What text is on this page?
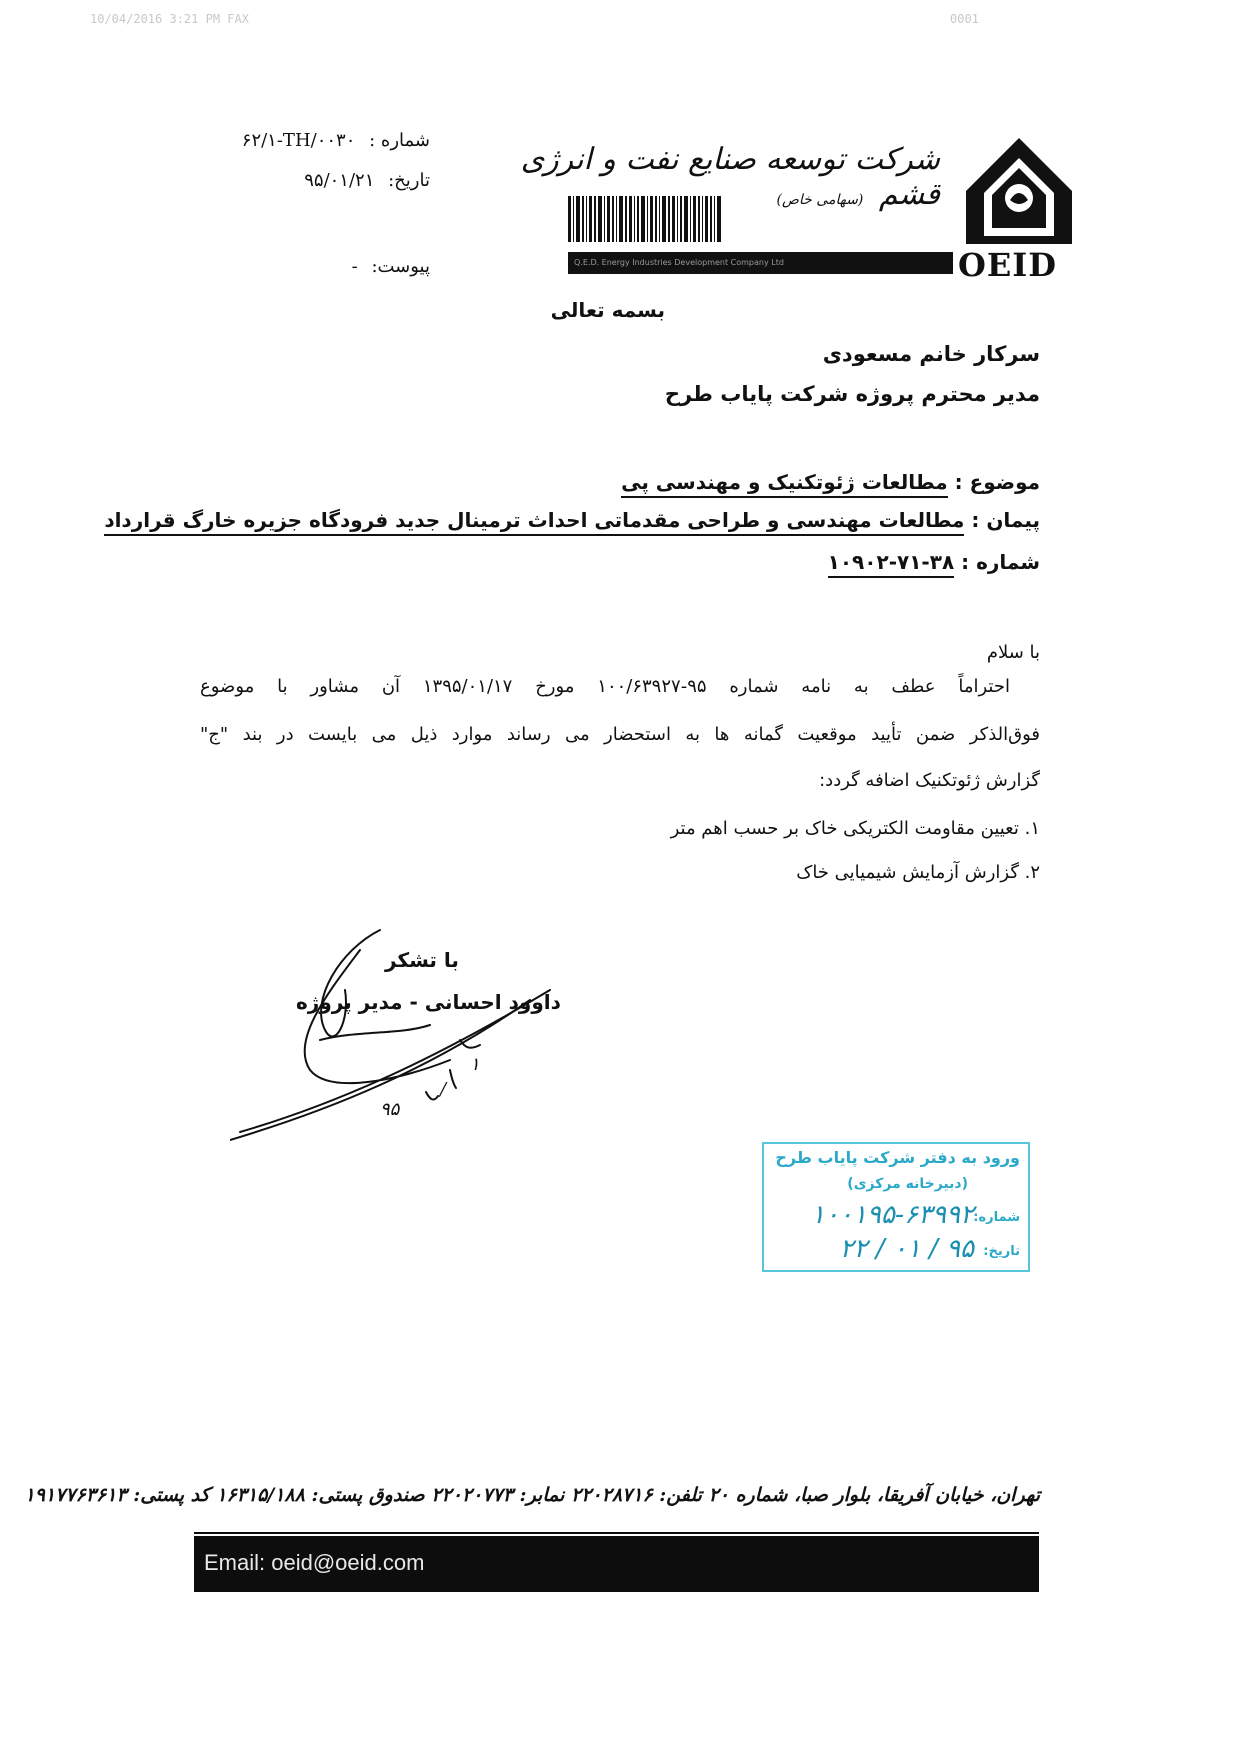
10/04/2016 3:21 PM FAX	0001
شماره : ۶۲/۱-TH/۰۰۳۰
تاریخ: ۹۵/۰۱/۲۱
پیوست: -
شرکت توسعه صنایع نفت و انرژی قشم (سهامی خاص)
Q.E.D. Energy Industries Development Company Ltd	OEID
بسمه تعالی
سرکار خانم مسعودی
مدیر محترم پروژه شرکت پایاب طرح
موضوع : مطالعات ژئوتکنیک و مهندسی پی
پیمان : مطالعات مهندسی و طراحی مقدماتی احداث ترمینال جدید فرودگاه جزیره خارگ قرارداد
شماره : ۳۸-۷۱-۱۰۹۰۲
با سلام
احتراماً عطف به نامه شماره ۹۵-۱۰۰/۶۳۹۲۷ مورخ ۱۳۹۵/۰۱/۱۷ آن مشاور با موضوع
فوق‌الذکر ضمن تأیید موقعیت گمانه ها به استحضار می رساند موارد ذیل می بایست در بند "ج"
گزارش ژئوتکنیک اضافه گردد:
۱. تعیین مقاومت الکتریکی خاک بر حسب اهم متر
۲. گزارش آزمایش شیمیایی خاک
۹۵
/
۱
با تشکر
داوود احسانی - مدیر پروژه
ورود به دفتر شرکت پایاب طرح
(دبیرخانه مرکزی)
شماره:
۱۰۰۱۹۵-۶۳۹۹۲
تاریخ:
۹۵ / ۰۱ / ۲۲
تهران، خیابان آفریقا، بلوار صبا، شماره ۲۰ تلفن: ۲۲۰۲۸۷۱۶ نمابر: ۲۲۰۲۰۷۷۳ صندوق پستی: ۱۶۳۱۵/۱۸۸ کد پستی: ۱۹۱۷۷۶۳۶۱۳
Email: oeid@oeid.com
